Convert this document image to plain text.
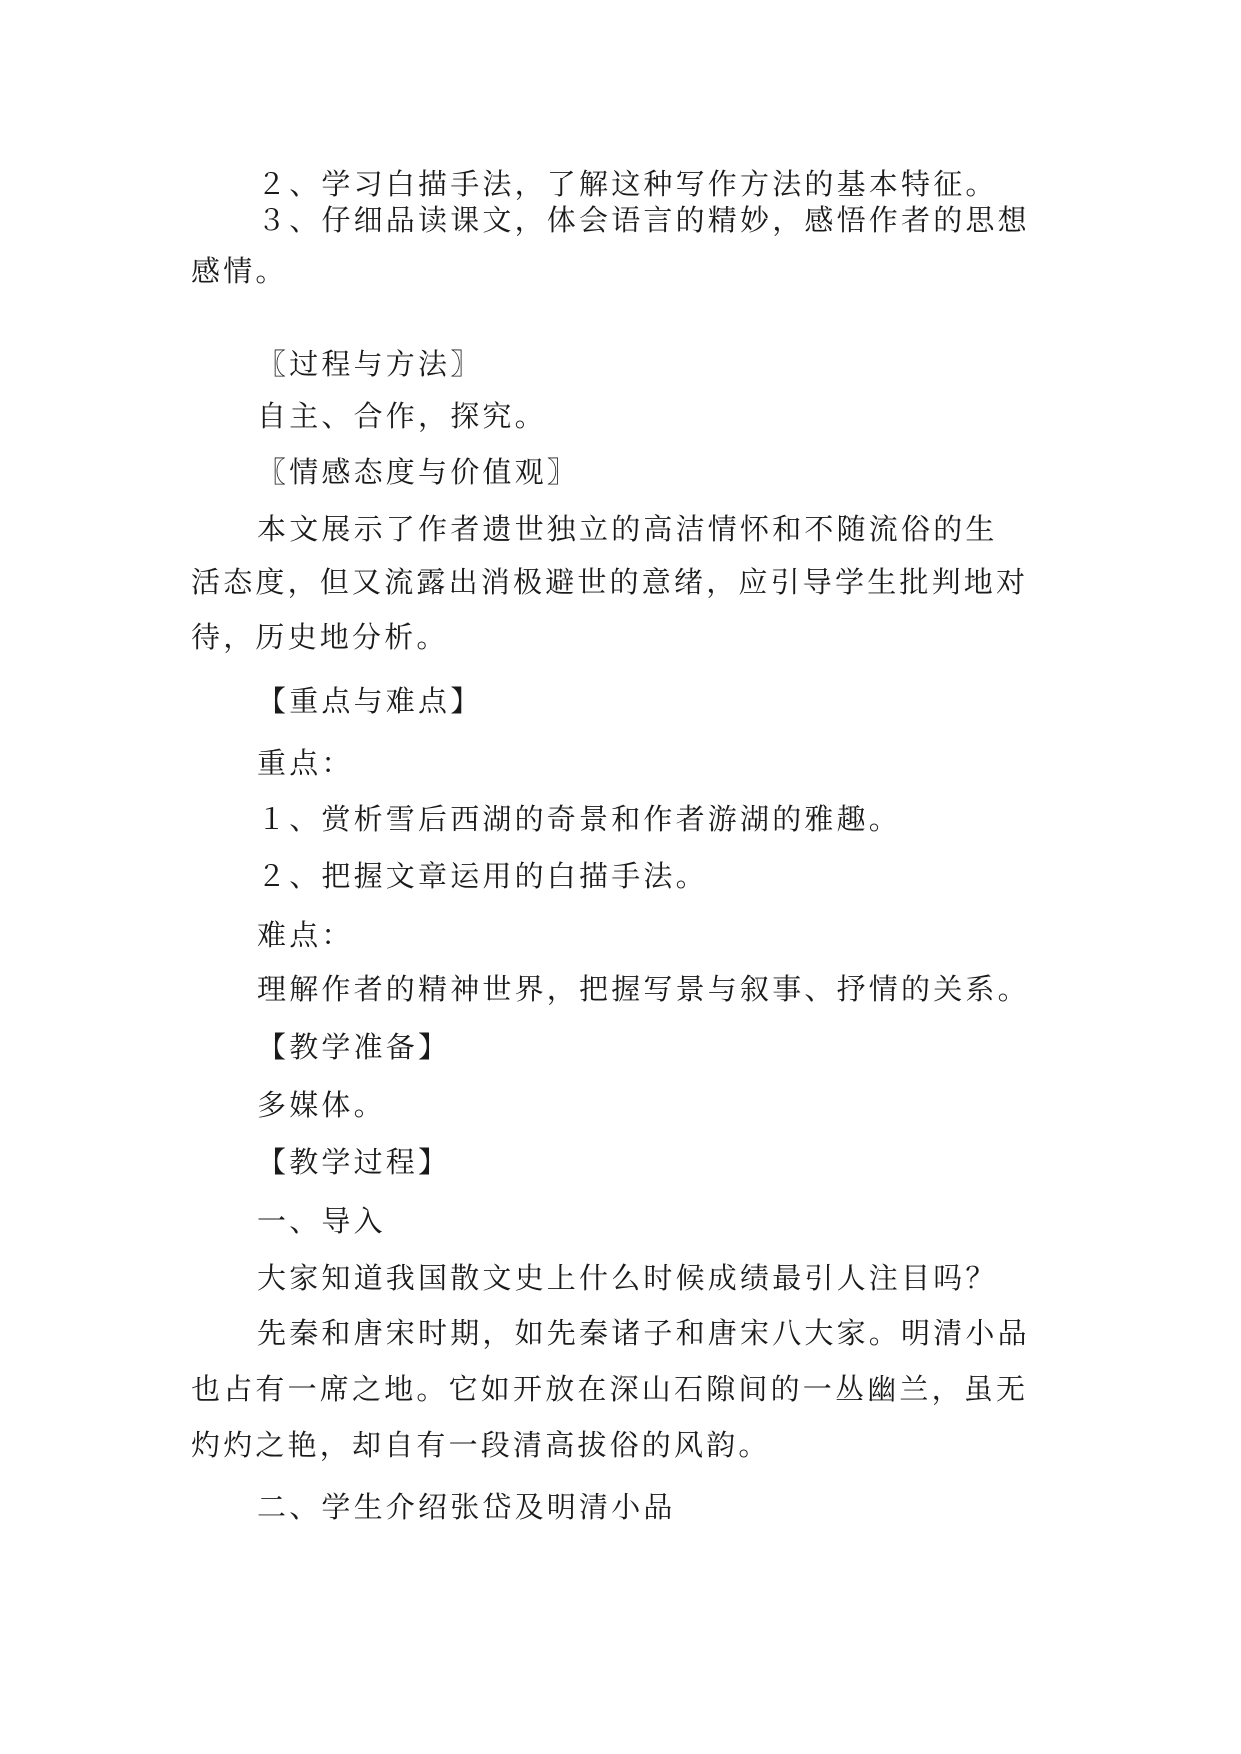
２、学习白描手法，了解这种写作方法的基本特征。
３、仔细品读课文，体会语言的精妙，感悟作者的思想
感情。
〖过程与方法〗
自主、合作，探究。
〖情感态度与价值观〗
本文展示了作者遗世独立的高洁情怀和不随流俗的生
活态度，但又流露出消极避世的意绪，应引导学生批判地对
待，历史地分析。
【重点与难点】
重点：
１、赏析雪后西湖的奇景和作者游湖的雅趣。
２、把握文章运用的白描手法。
难点：
理解作者的精神世界，把握写景与叙事、抒情的关系。
【教学准备】
多媒体。
【教学过程】
一、导入
大家知道我国散文史上什么时候成绩最引人注目吗？
先秦和唐宋时期，如先秦诸子和唐宋八大家。明清小品
也占有一席之地。它如开放在深山石隙间的一丛幽兰，虽无
灼灼之艳，却自有一段清高拔俗的风韵。
二、学生介绍张岱及明清小品
